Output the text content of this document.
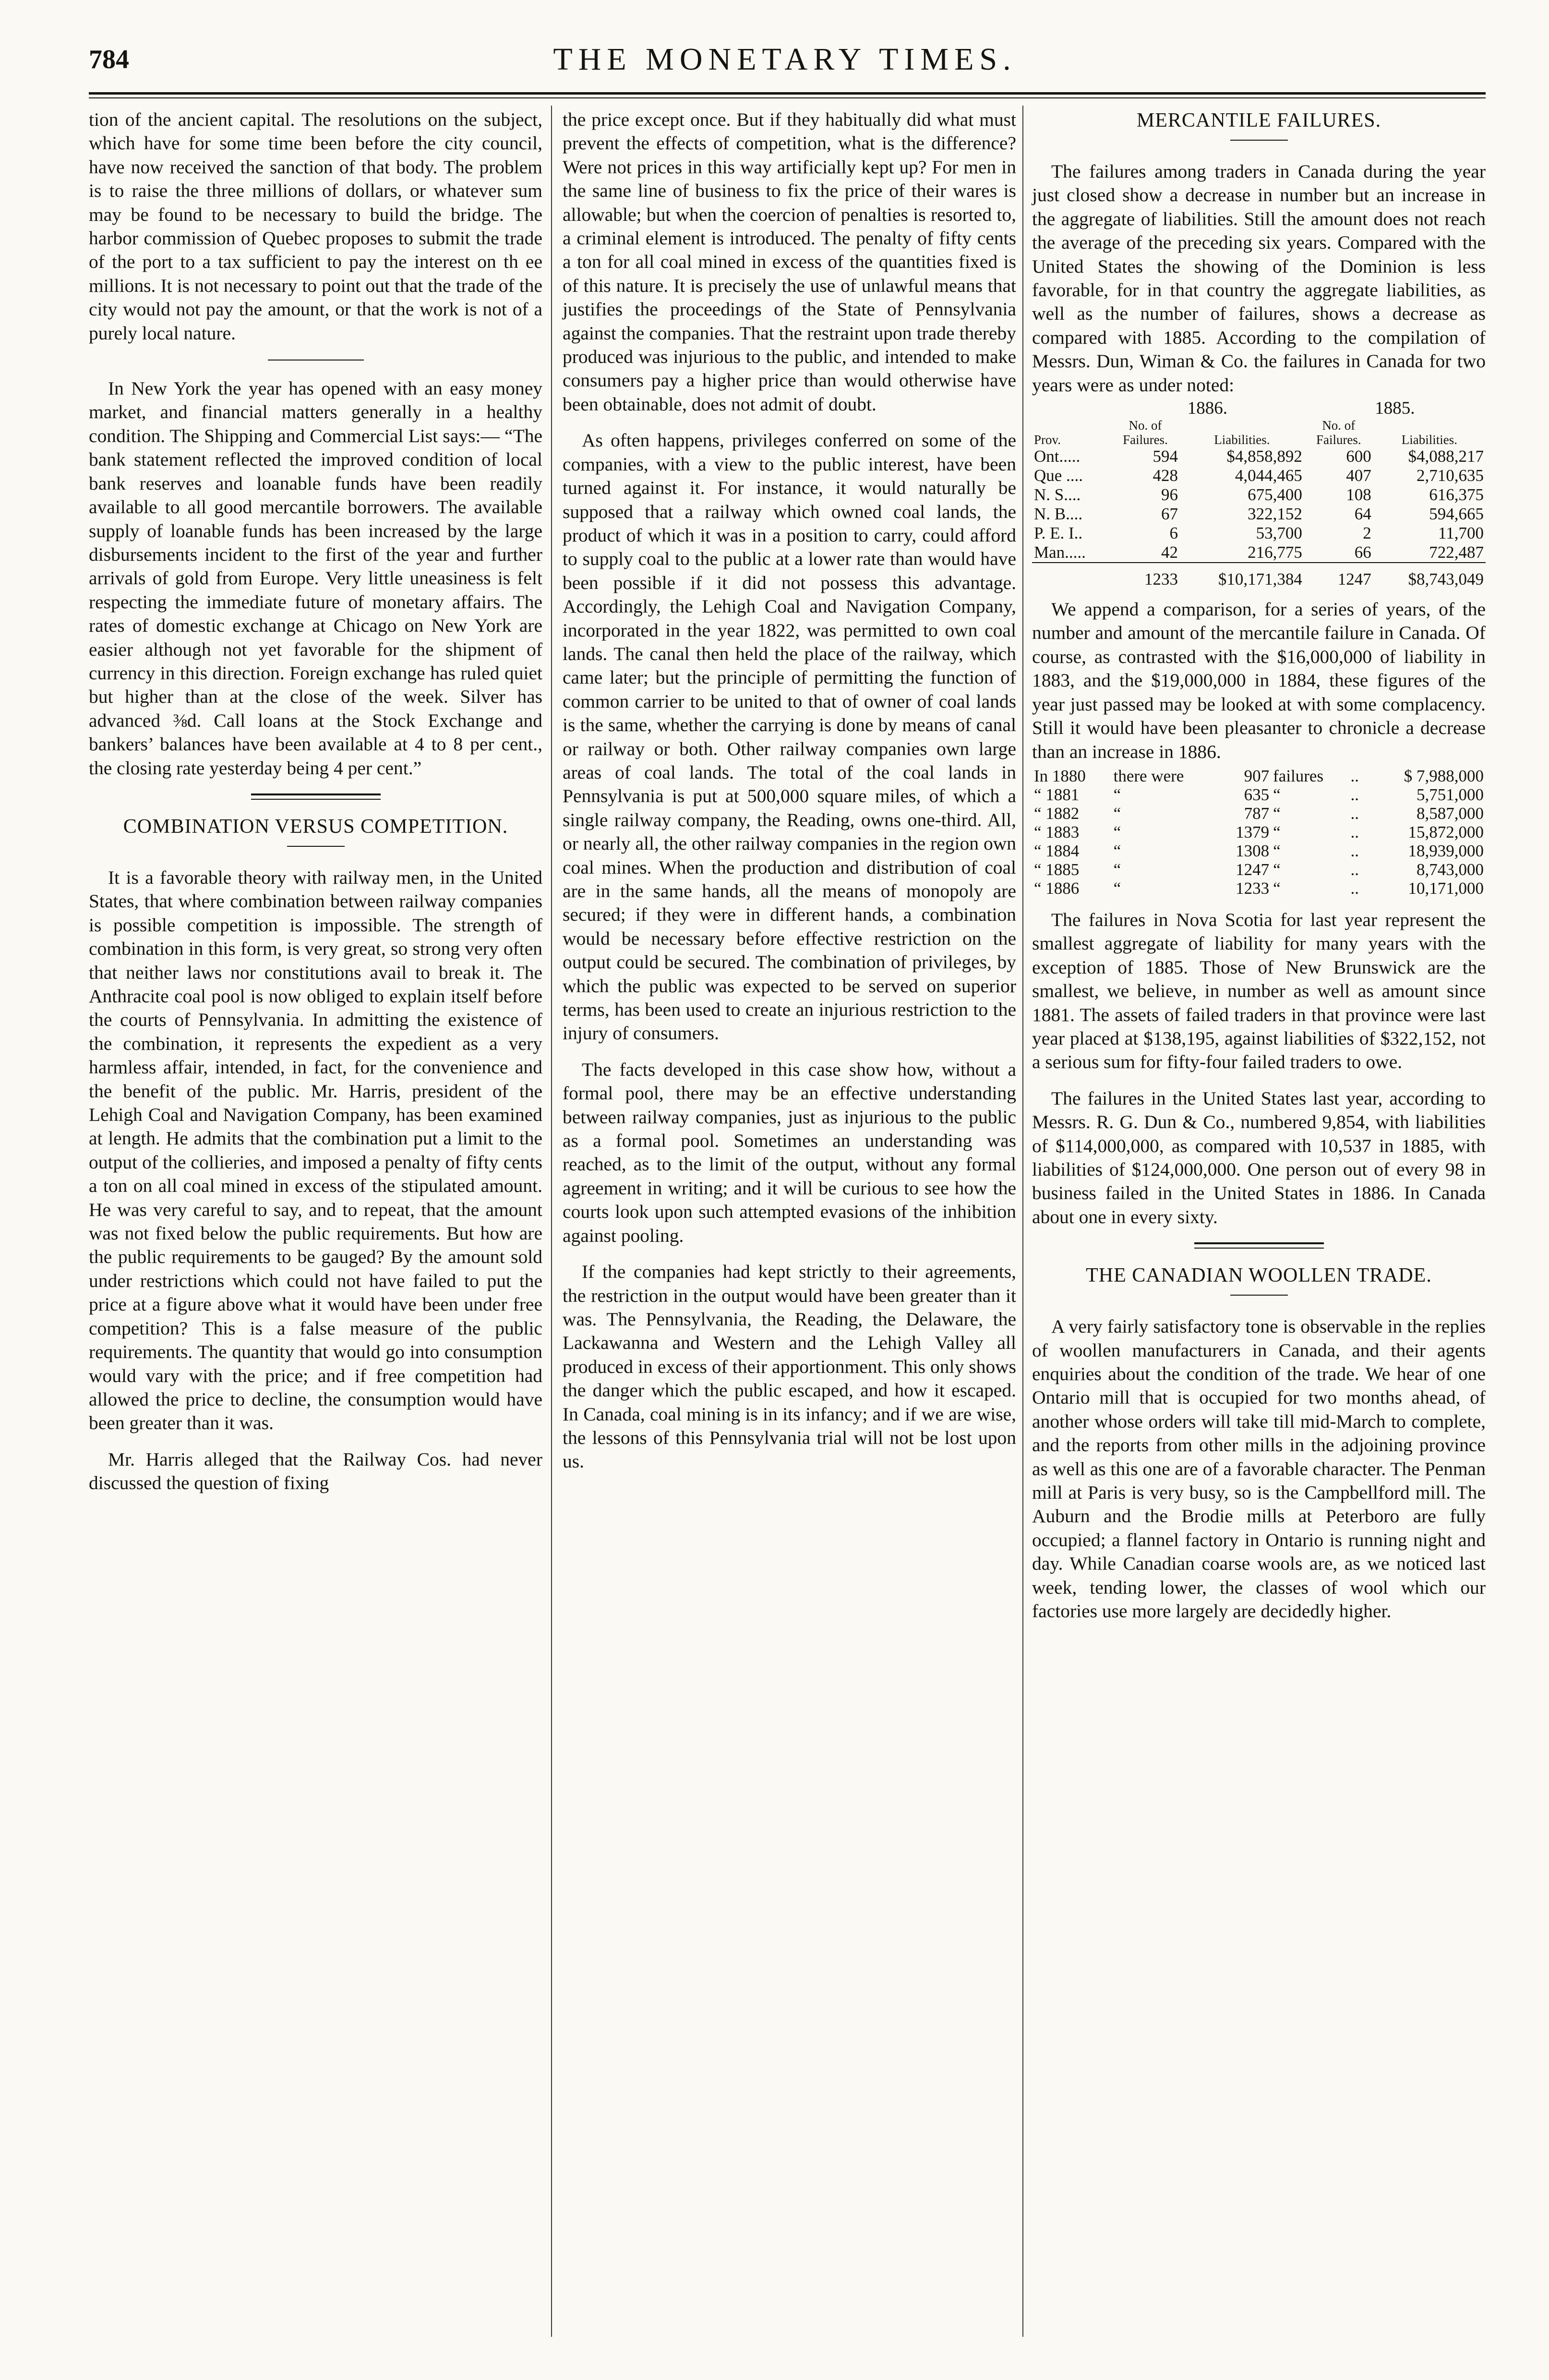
784	THE MONETARY TIMES.

tion of the ancient capital. The resolutions on the subject, which have for some time been before the city council, have now received the sanction of that body. The problem is to raise the three millions of dollars, or whatever sum may be found to be necessary to build the bridge. The harbor commission of Quebec proposes to submit the trade of the port to a tax sufficient to pay the interest on th ee millions. It is not necessary to point out that the trade of the city would not pay the amount, or that the work is not of a purely local nature.

In New York the year has opened with an easy money market, and financial matters generally in a healthy condition. The Shipping and Commercial List says:— “The bank statement reflected the improved condition of local bank reserves and loanable funds have been readily available to all good mercantile borrowers. The available supply of loanable funds has been increased by the large disbursements incident to the first of the year and further arrivals of gold from Europe. Very little uneasiness is felt respecting the immediate future of monetary affairs. The rates of domestic exchange at Chicago on New York are easier although not yet favorable for the shipment of currency in this direction. Foreign exchange has ruled quiet but higher than at the close of the week. Silver has advanced ⅜d. Call loans at the Stock Exchange and bankers’ balances have been available at 4 to 8 per cent., the closing rate yesterday being 4 per cent.”

COMBINATION VERSUS COMPETITION.

It is a favorable theory with railway men, in the United States, that where combination between railway companies is possible competition is impossible. The strength of combination in this form, is very great, so strong very often that neither laws nor constitutions avail to break it. The Anthracite coal pool is now obliged to explain itself before the courts of Pennsylvania. In admitting the existence of the combination, it represents the expedient as a very harmless affair, intended, in fact, for the convenience and the benefit of the public. Mr. Harris, president of the Lehigh Coal and Navigation Company, has been examined at length. He admits that the combination put a limit to the output of the collieries, and imposed a penalty of fifty cents a ton on all coal mined in excess of the stipulated amount. He was very careful to say, and to repeat, that the amount was not fixed below the public requirements. But how are the public requirements to be gauged? By the amount sold under restrictions which could not have failed to put the price at a figure above what it would have been under free competition? This is a false measure of the public requirements. The quantity that would go into consumption would vary with the price; and if free competition had allowed the price to decline, the consumption would have been greater than it was.

Mr. Harris alleged that the Railway Cos. had never discussed the question of fixing

the price except once. But if they habitually did what must prevent the effects of competition, what is the difference? Were not prices in this way artificially kept up? For men in the same line of business to fix the price of their wares is allowable; but when the coercion of penalties is resorted to, a criminal element is introduced. The penalty of fifty cents a ton for all coal mined in excess of the quantities fixed is of this nature. It is precisely the use of unlawful means that justifies the proceedings of the State of Pennsylvania against the companies. That the restraint upon trade thereby produced was injurious to the public, and intended to make consumers pay a higher price than would otherwise have been obtainable, does not admit of doubt.

As often happens, privileges conferred on some of the companies, with a view to the public interest, have been turned against it. For instance, it would naturally be supposed that a railway which owned coal lands, the product of which it was in a position to carry, could afford to supply coal to the public at a lower rate than would have been possible if it did not possess this advantage. Accordingly, the Lehigh Coal and Navigation Company, incorporated in the year 1822, was permitted to own coal lands. The canal then held the place of the railway, which came later; but the principle of permitting the function of common carrier to be united to that of owner of coal lands is the same, whether the carrying is done by means of canal or railway or both. Other railway companies own large areas of coal lands. The total of the coal lands in Pennsylvania is put at 500,000 square miles, of which a single railway company, the Reading, owns one-third. All, or nearly all, the other railway companies in the region own coal mines. When the production and distribution of coal are in the same hands, all the means of monopoly are secured; if they were in different hands, a combination would be necessary before effective restriction on the output could be secured. The combination of privileges, by which the public was expected to be served on superior terms, has been used to create an injurious restriction to the injury of consumers.

The facts developed in this case show how, without a formal pool, there may be an effective understanding between railway companies, just as injurious to the public as a formal pool. Sometimes an understanding was reached, as to the limit of the output, without any formal agreement in writing; and it will be curious to see how the courts look upon such attempted evasions of the inhibition against pooling.

If the companies had kept strictly to their agreements, the restriction in the output would have been greater than it was. The Pennsylvania, the Reading, the Delaware, the Lackawanna and Western and the Lehigh Valley all produced in excess of their apportionment. This only shows the danger which the public escaped, and how it escaped. In Canada, coal mining is in its infancy; and if we are wise, the lessons of this Pennsylvania trial will not be lost upon us.

MERCANTILE FAILURES.

The failures among traders in Canada during the year just closed show a decrease in number but an increase in the aggregate of liabilities. Still the amount does not reach the average of the preceding six years. Compared with the United States the showing of the Dominion is less favorable, for in that country the aggregate liabilities, as well as the number of failures, shows a decrease as compared with 1885. According to the compilation of Messrs. Dun, Wiman & Co. the failures in Canada for two years were as under noted:

	1886.		1885.	
	No. of		No. of	
Prov.	Failures.	Liabilities.	Failures.	Liabilities.
Ont.....	594	$4,858,892	600	$4,088,217
Que ....	428	4,044,465	407	2,710,635
N. S....	96	675,400	108	616,375
N. B....	67	322,152	64	594,665
P. E. I..	6	53,700	2	11,700
Man.....	42	216,775	66	722,487
	1233	$10,171,384	1247	$8,743,049

We append a comparison, for a series of years, of the number and amount of the mercantile failure in Canada. Of course, as contrasted with the $16,000,000 of liability in 1883, and the $19,000,000 in 1884, these figures of the year just passed may be looked at with some complacency. Still it would have been pleasanter to chronicle a decrease than an increase in 1886.

In 1880	there were	907	failures	..	$ 7,988,000
“ 1881	“	635	“	..	5,751,000
“ 1882	“	787	“	..	8,587,000
“ 1883	“	1379	“	..	15,872,000
“ 1884	“	1308	“	..	18,939,000
“ 1885	“	1247	“	..	8,743,000
“ 1886	“	1233	“	..	10,171,000

The failures in Nova Scotia for last year represent the smallest aggregate of liability for many years with the exception of 1885. Those of New Brunswick are the smallest, we believe, in number as well as amount since 1881. The assets of failed traders in that province were last year placed at $138,195, against liabilities of $322,152, not a serious sum for fifty-four failed traders to owe.

The failures in the United States last year, according to Messrs. R. G. Dun & Co., numbered 9,854, with liabilities of $114,000,000, as compared with 10,537 in 1885, with liabilities of $124,000,000. One person out of every 98 in business failed in the United States in 1886. In Canada about one in every sixty.

THE CANADIAN WOOLLEN TRADE.

A very fairly satisfactory tone is observable in the replies of woollen manufacturers in Canada, and their agents enquiries about the condition of the trade. We hear of one Ontario mill that is occupied for two months ahead, of another whose orders will take till mid-March to complete, and the reports from other mills in the adjoining province as well as this one are of a favorable character. The Penman mill at Paris is very busy, so is the Campbellford mill. The Auburn and the Brodie mills at Peterboro are fully occupied; a flannel factory in Ontario is running night and day. While Canadian coarse wools are, as we noticed last week, tending lower, the classes of wool which our factories use more largely are decidedly higher.
